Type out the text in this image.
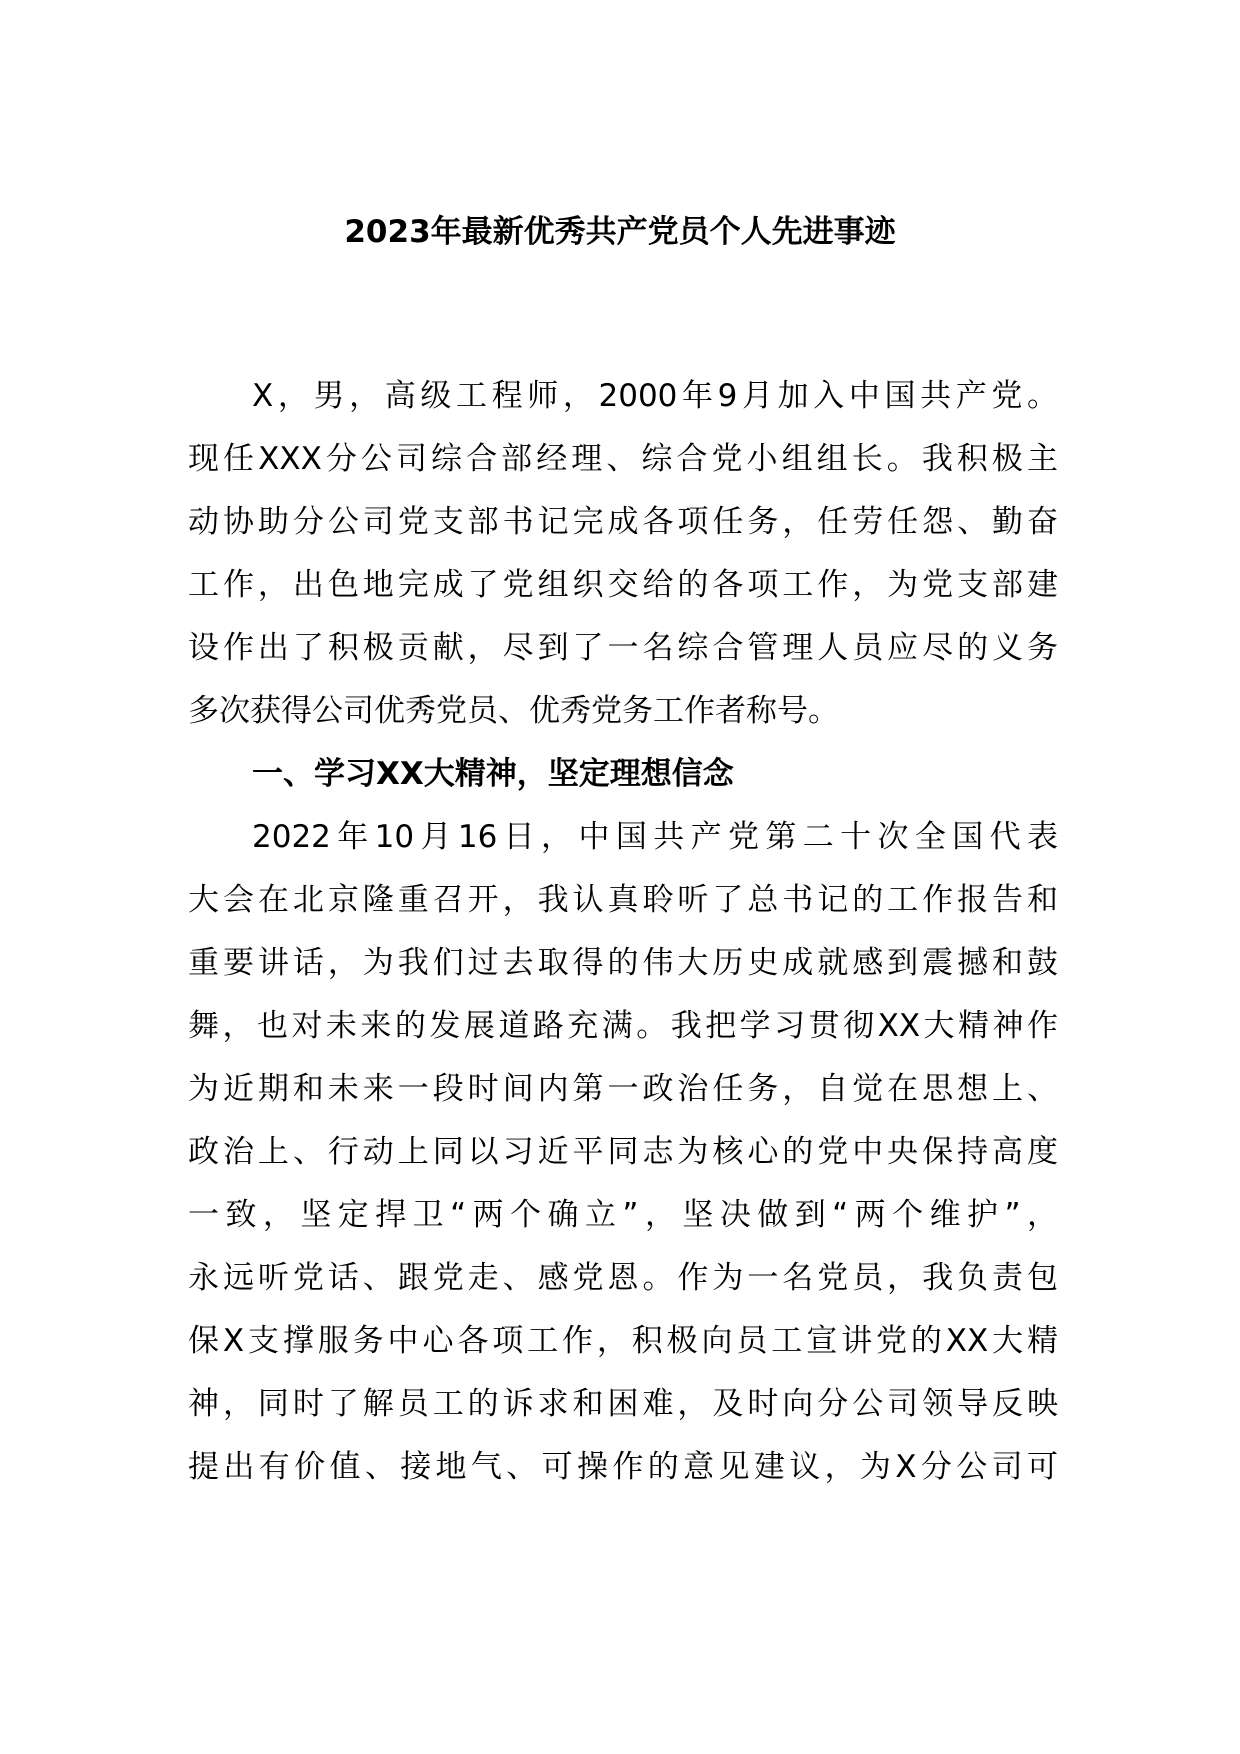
2023年最新优秀共产党员个人先进事迹
X，男，高级工程师，2000年9月加入中国共产党。
现任XXX分公司综合部经理、综合党小组组长。我积极主
动协助分公司党支部书记完成各项任务，任劳任怨、勤奋
工作，出色地完成了党组织交给的各项工作，为党支部建
设作出了积极贡献，尽到了一名综合管理人员应尽的义务
多次获得公司优秀党员、优秀党务工作者称号。
一、学习XX大精神，坚定理想信念
2022年10月16日，中国共产党第二十次全国代表
大会在北京隆重召开，我认真聆听了总书记的工作报告和
重要讲话，为我们过去取得的伟大历史成就感到震撼和鼓
舞，也对未来的发展道路充满。我把学习贯彻XX大精神作
为近期和未来一段时间内第一政治任务，自觉在思想上、
政治上、行动上同以习近平同志为核心的党中央保持高度
一致，坚定捍卫“两个确立”，坚决做到“两个维护”，
永远听党话、跟党走、感党恩。作为一名党员，我负责包
保X支撑服务中心各项工作，积极向员工宣讲党的XX大精
神，同时了解员工的诉求和困难，及时向分公司领导反映
提出有价值、接地气、可操作的意见建议，为X分公司可
